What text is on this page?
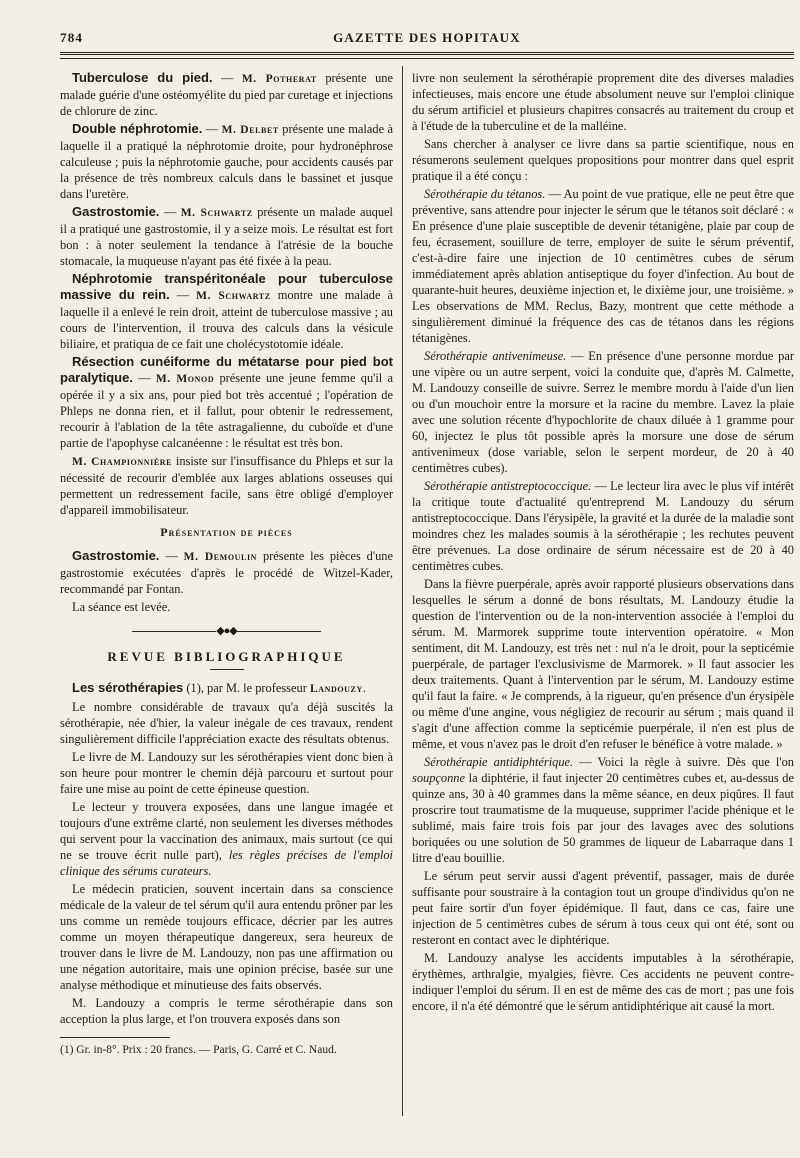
784	GAZETTE DES HOPITAUX

Tuberculose du pied. — M. Potherat présente une malade guérie d'une ostéomyélite du pied par curetage et injections de chlorure de zinc.

Double néphrotomie. — M. Delbet présente une malade à laquelle il a pratiqué la néphrotomie droite, pour hydronéphrose calculeuse ; puis la néphrotomie gauche, pour accidents causés par la présence de très nombreux calculs dans le bassinet et jusque dans l'uretère.

Gastrostomie. — M. Schwartz présente un malade auquel il a pratiqué une gastrostomie, il y a seize mois. Le résultat est fort bon : à noter seulement la tendance à l'atrésie de la bouche stomacale, la muqueuse n'ayant pas été fixée à la peau.

Néphrotomie transpéritonéale pour tuberculose massive du rein. — M. Schwartz montre une malade à laquelle il a enlevé le rein droit, atteint de tuberculose massive ; au cours de l'intervention, il trouva des calculs dans la vésicule biliaire, et pratiqua de ce fait une cholécystotomie idéale.

Résection cunéiforme du métatarse pour pied bot paralytique. — M. Monod présente une jeune femme qu'il a opérée il y a six ans, pour pied bot très accentué ; l'opération de Phleps ne donna rien, et il fallut, pour obtenir le redressement, recourir à l'ablation de la tête astragalienne, du cuboïde et d'une partie de l'apophyse calcanéenne : le résultat est très bon.

M. Championnière insiste sur l'insuffisance du Phleps et sur la nécessité de recourir d'emblée aux larges ablations osseuses qui permettent un redressement facile, sans être obligé d'employer d'appareil immobilisateur.

Présentation de pièces

Gastrostomie. — M. Demoulin présente les pièces d'une gastrostomie exécutées d'après le procédé de Witzel-Kader, recommandé par Fontan.

La séance est levée.

◆●◆
REVUE BIBLIOGRAPHIQUE

Les sérothérapies (1), par M. le professeur Landouzy.

Le nombre considérable de travaux qu'a déjà suscités la sérothérapie, née d'hier, la valeur inégale de ces travaux, rendent singulièrement difficile l'appréciation exacte des résultats obtenus.

Le livre de M. Landouzy sur les sérothérapies vient donc bien à son heure pour montrer le chemin déjà parcouru et surtout pour faire une mise au point de cette épineuse question.

Le lecteur y trouvera exposées, dans une langue imagée et toujours d'une extrême clarté, non seulement les diverses méthodes qui servent pour la vaccination des animaux, mais surtout (ce qui ne se trouve écrit nulle part), les règles précises de l'emploi clinique des sérums curateurs.

Le médecin praticien, souvent incertain dans sa conscience médicale de la valeur de tel sérum qu'il aura entendu prôner par les uns comme un remède toujours efficace, décrier par les autres comme un moyen thérapeutique dangereux, sera heureux de trouver dans le livre de M. Landouzy, non pas une affirmation ou une négation autoritaire, mais une opinion précise, basée sur une analyse méthodique et minutieuse des faits observés.

M. Landouzy a compris le terme sérothérapie dans son acception la plus large, et l'on trouvera exposés dans son

(1) Gr. in-8°. Prix : 20 francs. — Paris, G. Carré et C. Naud.

livre non seulement la sérothérapie proprement dite des diverses maladies infectieuses, mais encore une étude absolument neuve sur l'emploi clinique du sérum artificiel et plusieurs chapitres consacrés au traitement du croup et à l'étude de la tuberculine et de la malléine.

Sans chercher à analyser ce livre dans sa partie scientifique, nous en résumerons seulement quelques propositions pour montrer dans quel esprit pratique il a été conçu :

Sérothérapie du tétanos. — Au point de vue pratique, elle ne peut être que préventive, sans attendre pour injecter le sérum que le tétanos soit déclaré : « En présence d'une plaie susceptible de devenir tétanigène, plaie par coup de feu, écrasement, souillure de terre, employer de suite le sérum préventif, c'est-à-dire faire une injection de 10 centimètres cubes de sérum immédiatement après ablation antiseptique du foyer d'infection. Au bout de quarante-huit heures, deuxième injection et, le dixième jour, une troisième. » Les observations de MM. Reclus, Bazy, montrent que cette méthode a singulièrement diminué la fréquence des cas de tétanos dans les régions tétanigènes.

Sérothérapie antivenimeuse. — En présence d'une personne mordue par une vipère ou un autre serpent, voici la conduite que, d'après M. Calmette, M. Landouzy conseille de suivre. Serrez le membre mordu à l'aide d'un lien ou d'un mouchoir entre la morsure et la racine du membre. Lavez la plaie avec une solution récente d'hypochlorite de chaux diluée à 1 gramme pour 60, injectez le plus tôt possible après la morsure une dose de sérum antivenimeux (dose variable, selon le serpent mordeur, de 20 à 40 centimètres cubes).

Sérothérapie antistreptococcique. — Le lecteur lira avec le plus vif intérêt la critique toute d'actualité qu'entreprend M. Landouzy du sérum antistreptococcique. Dans l'érysipèle, la gravité et la durée de la maladie sont moindres chez les malades soumis à la sérothérapie ; les rechutes peuvent être prévenues. La dose ordinaire de sérum nécessaire est de 20 à 40 centimètres cubes.

Dans la fièvre puerpérale, après avoir rapporté plusieurs observations dans lesquelles le sérum a donné de bons résultats, M. Landouzy étudie la question de l'intervention ou de la non-intervention associée à l'emploi du sérum. M. Marmorek supprime toute intervention opératoire. « Mon sentiment, dit M. Landouzy, est très net : nul n'a le droit, pour la septicémie puerpérale, de partager l'exclusivisme de Marmorek. » Il faut associer les deux traitements. Quant à l'intervention par le sérum, M. Landouzy estime qu'il faut la faire. « Je comprends, à la rigueur, qu'en présence d'un érysipèle ou même d'une angine, vous négligiez de recourir au sérum ; mais quand il s'agit d'une affection comme la septicémie puerpérale, il n'en est plus de même, et vous n'avez pas le droit d'en refuser le bénéfice à votre malade. »

Sérothérapie antidiphtérique. — Voici la règle à suivre. Dès que l'on soupçonne la diphtérie, il faut injecter 20 centimètres cubes et, au-dessus de quinze ans, 30 à 40 grammes dans la même séance, en deux piqûres. Il faut proscrire tout traumatisme de la muqueuse, supprimer l'acide phénique et le sublimé, mais faire trois fois par jour des lavages avec des solutions boriquées ou une solution de 50 grammes de liqueur de Labarraque dans 1 litre d'eau bouillie.

Le sérum peut servir aussi d'agent préventif, passager, mais de durée suffisante pour soustraire à la contagion tout un groupe d'individus qu'on ne peut faire sortir d'un foyer épidémique. Il faut, dans ce cas, faire une injection de 5 centimètres cubes de sérum à tous ceux qui ont été, sont ou resteront en contact avec le diphtérique.

M. Landouzy analyse les accidents imputables à la sérothérapie, érythèmes, arthralgie, myalgies, fièvre. Ces accidents ne peuvent contre-indiquer l'emploi du sérum. Il en est de même des cas de mort ; pas une fois encore, il n'a été démontré que le sérum antidiphtérique ait causé la mort.
